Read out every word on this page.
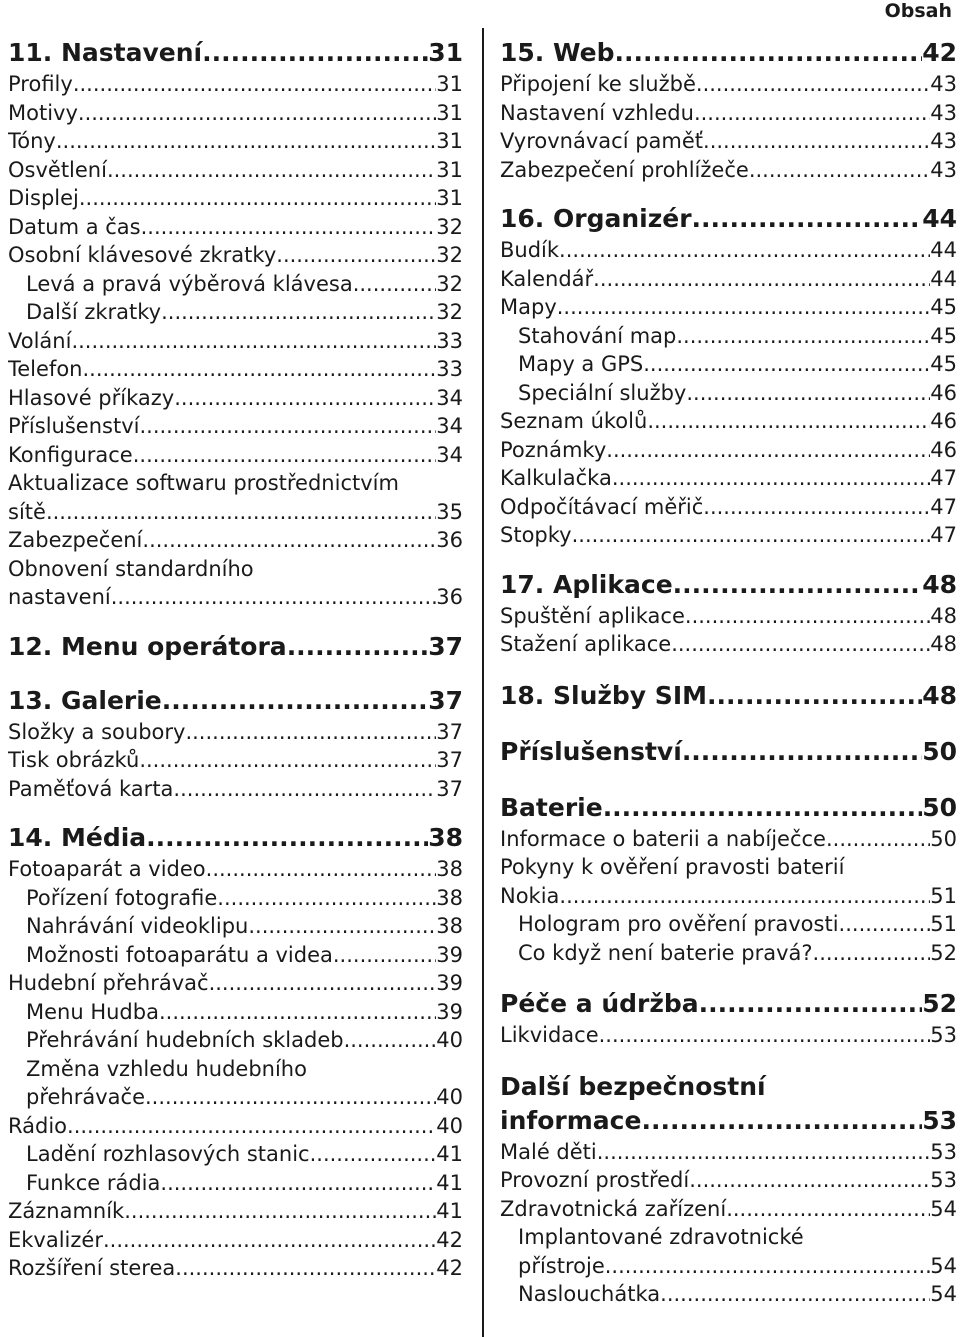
Obsah
11. Nastavení .....	31
Profily .....	31
Motivy .....	31
Tóny .....	31
Osvětlení .....	31
Displej .....	31
Datum a čas .....	32
Osobní klávesové zkratky .....	32
Levá a pravá výběrová klávesa .....	32
Další zkratky .....	32
Volání .....	33
Telefon .....	33
Hlasové příkazy .....	34
Příslušenství .....	34
Konfigurace .....	34
Aktualizace softwaru prostřednictvím
sítě .....	35
Zabezpečení .....	36
Obnovení standardního
nastavení .....	36
12. Menu operátora .....	37
13. Galerie .....	37
Složky a soubory .....	37
Tisk obrázků .....	37
Paměťová karta .....	37
14. Média .....	38
Fotoaparát a video .....	38
Pořízení fotografie .....	38
Nahrávání videoklipu .....	38
Možnosti fotoaparátu a videa .....	39
Hudební přehrávač .....	39
Menu Hudba .....	39
Přehrávání hudebních skladeb .....	40
Změna vzhledu hudebního
přehrávače .....	40
Rádio .....	40
Ladění rozhlasových stanic .....	41
Funkce rádia .....	41
Záznamník .....	41
Ekvalizér .....	42
Rozšíření sterea .....	42
15. Web .....	42
Připojení ke službě .....	43
Nastavení vzhledu .....	43
Vyrovnávací paměť .....	43
Zabezpečení prohlížeče .....	43
16. Organizér .....	44
Budík .....	44
Kalendář .....	44
Mapy .....	45
Stahování map .....	45
Mapy a GPS .....	45
Speciální služby .....	46
Seznam úkolů .....	46
Poznámky .....	46
Kalkulačka .....	47
Odpočítávací měřič .....	47
Stopky .....	47
17. Aplikace .....	48
Spuštění aplikace .....	48
Stažení aplikace .....	48
18. Služby SIM .....	48
Příslušenství .....	50
Baterie .....	50
Informace o baterii a nabíječce .....	50
Pokyny k ověření pravosti baterií
Nokia .....	51
Hologram pro ověření pravosti .....	51
Co když není baterie pravá? .....	52
Péče a údržba .....	52
Likvidace .....	53
Další bezpečnostní
informace .....	53
Malé děti .....	53
Provozní prostředí .....	53
Zdravotnická zařízení .....	54
Implantované zdravotnické
přístroje .....	54
Naslouchátka .....	54
